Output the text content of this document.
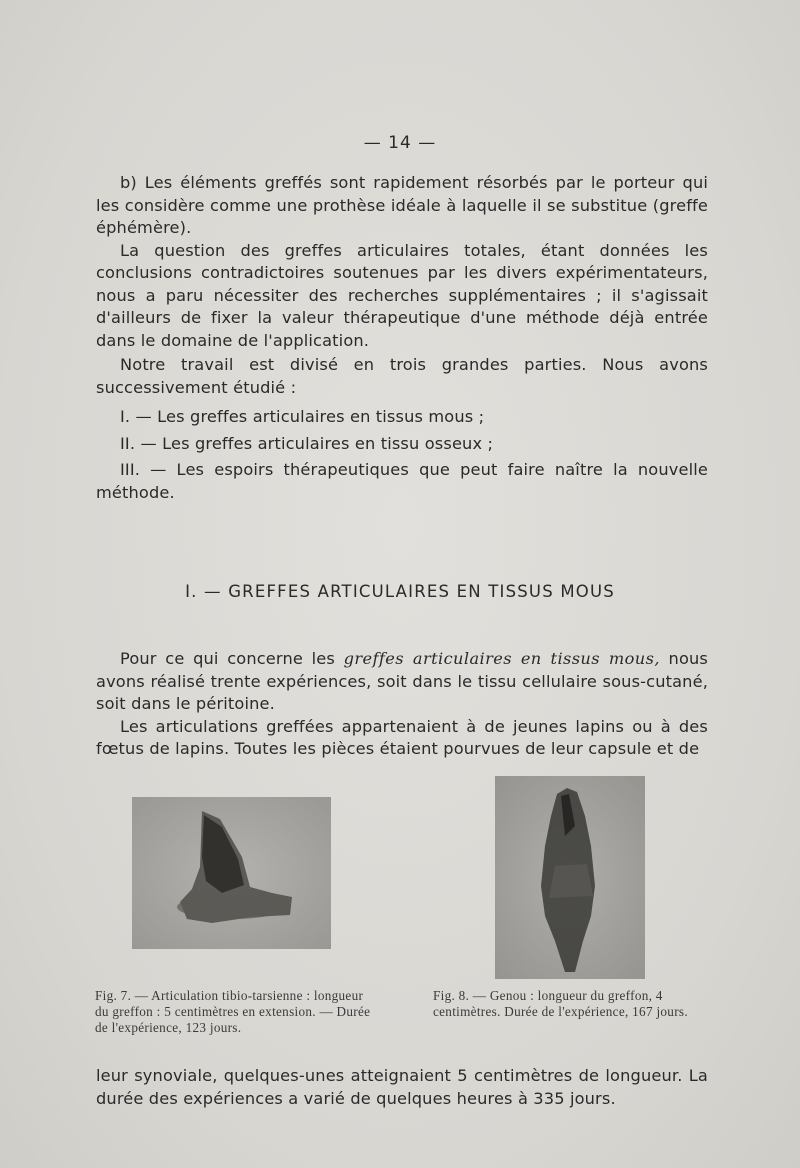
— 14 —

b) Les éléments greffés sont rapidement résorbés par le porteur qui les considère comme une prothèse idéale à laquelle il se substitue (greffe éphémère).

La question des greffes articulaires totales, étant données les conclusions contradictoires soutenues par les divers expérimentateurs, nous a paru nécessiter des recherches supplémentaires ; il s'agissait d'ailleurs de fixer la valeur thérapeutique d'une méthode déjà entrée dans le domaine de l'application.

Notre travail est divisé en trois grandes parties. Nous avons successivement étudié :

I. — Les greffes articulaires en tissus mous ;

II. — Les greffes articulaires en tissu osseux ;

III. — Les espoirs thérapeutiques que peut faire naître la nouvelle méthode.

I. — GREFFES ARTICULAIRES EN TISSUS MOUS

Pour ce qui concerne les greffes articulaires en tissus mous, nous avons réalisé trente expériences, soit dans le tissu cellulaire sous-cutané, soit dans le péritoine.

Les articulations greffées appartenaient à de jeunes lapins ou à des fœtus de lapins. Toutes les pièces étaient pourvues de leur capsule et de

Fig. 7. — Articulation tibio-tarsienne : longueur du greffon : 5 centimètres en extension. — Durée de l'expérience, 123 jours.

Fig. 8. — Genou : longueur du greffon, 4 centimètres. Durée de l'expérience, 167 jours.

leur synoviale, quelques-unes atteignaient 5 centimètres de longueur. La durée des expériences a varié de quelques heures à 335 jours.
